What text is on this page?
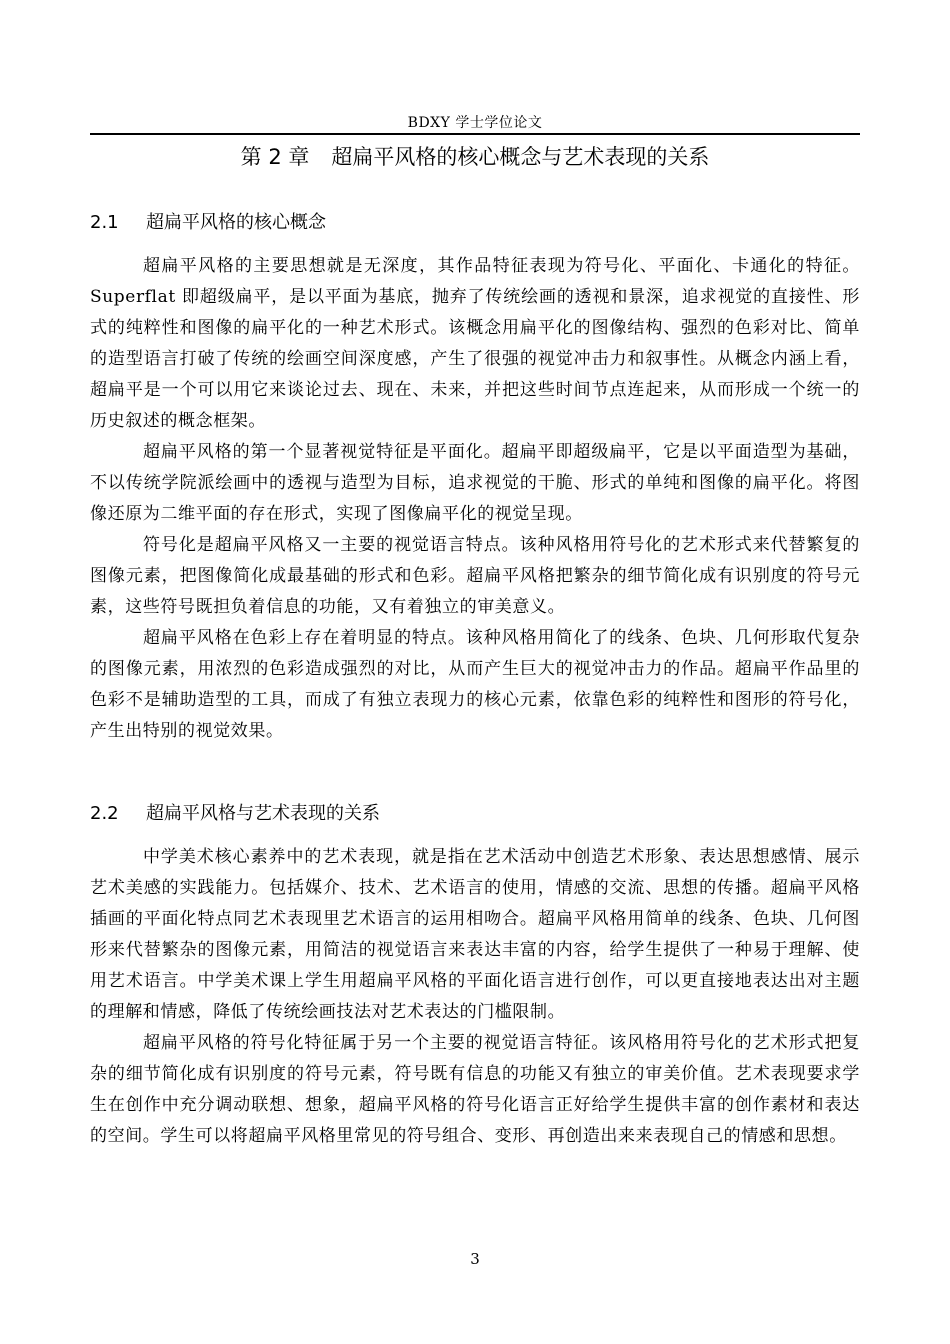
BDXY 学士学位论文
第 2 章 超扁平风格的核心概念与艺术表现的关系
2.1 超扁平风格的核心概念

超扁平风格的主要思想就是无深度，其作品特征表现为符号化、平面化、卡通化的特征。Superflat 即超级扁平，是以平面为基底，抛弃了传统绘画的透视和景深，追求视觉的直接性、形式的纯粹性和图像的扁平化的一种艺术形式。该概念用扁平化的图像结构、强烈的色彩对比、简单的造型语言打破了传统的绘画空间深度感，产生了很强的视觉冲击力和叙事性。从概念内涵上看，超扁平是一个可以用它来谈论过去、现在、未来，并把这些时间节点连起来，从而形成一个统一的历史叙述的概念框架。

超扁平风格的第一个显著视觉特征是平面化。超扁平即超级扁平，它是以平面造型为基础，不以传统学院派绘画中的透视与造型为目标，追求视觉的干脆、形式的单纯和图像的扁平化。将图像还原为二维平面的存在形式，实现了图像扁平化的视觉呈现。

符号化是超扁平风格又一主要的视觉语言特点。该种风格用符号化的艺术形式来代替繁复的图像元素，把图像简化成最基础的形式和色彩。超扁平风格把繁杂的细节简化成有识别度的符号元素，这些符号既担负着信息的功能，又有着独立的审美意义。

超扁平风格在色彩上存在着明显的特点。该种风格用简化了的线条、色块、几何形取代复杂的图像元素，用浓烈的色彩造成强烈的对比，从而产生巨大的视觉冲击力的作品。超扁平作品里的色彩不是辅助造型的工具，而成了有独立表现力的核心元素，依靠色彩的纯粹性和图形的符号化，产生出特别的视觉效果。

2.2 超扁平风格与艺术表现的关系

中学美术核心素养中的艺术表现，就是指在艺术活动中创造艺术形象、表达思想感情、展示艺术美感的实践能力。包括媒介、技术、艺术语言的使用，情感的交流、思想的传播。超扁平风格插画的平面化特点同艺术表现里艺术语言的运用相吻合。超扁平风格用简单的线条、色块、几何图形来代替繁杂的图像元素，用简洁的视觉语言来表达丰富的内容，给学生提供了一种易于理解、使用艺术语言。中学美术课上学生用超扁平风格的平面化语言进行创作，可以更直接地表达出对主题的理解和情感，降低了传统绘画技法对艺术表达的门槛限制。

超扁平风格的符号化特征属于另一个主要的视觉语言特征。该风格用符号化的艺术形式把复杂的细节简化成有识别度的符号元素，符号既有信息的功能又有独立的审美价值。艺术表现要求学生在创作中充分调动联想、想象，超扁平风格的符号化语言正好给学生提供丰富的创作素材和表达的空间。学生可以将超扁平风格里常见的符号组合、变形、再创造出来来表现自己的情感和思想。

3
